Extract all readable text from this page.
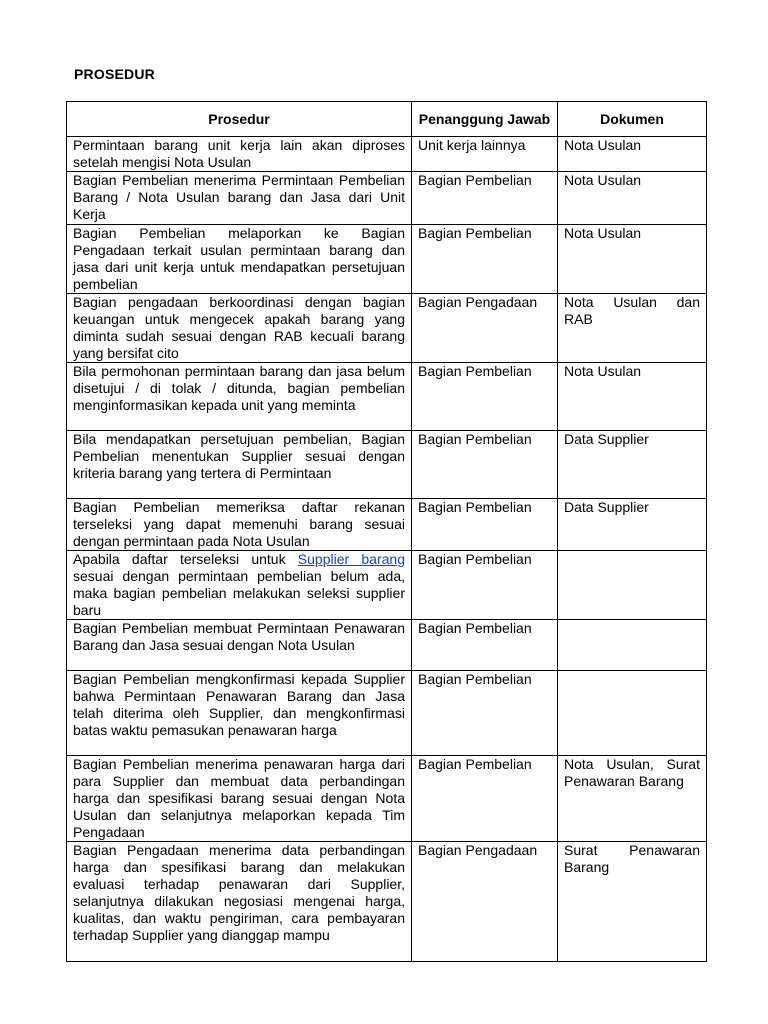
PROSEDUR
Prosedur	Penanggung Jawab	Dokumen
Permintaan barang unit kerja lain akan diproses setelah mengisi Nota Usulan	Unit kerja lainnya	Nota Usulan
Bagian Pembelian menerima Permintaan Pembelian Barang / Nota Usulan barang dan Jasa dari Unit Kerja	Bagian Pembelian	Nota Usulan
Bagian Pembelian melaporkan ke Bagian Pengadaan terkait usulan permintaan barang dan jasa dari unit kerja untuk mendapatkan persetujuan pembelian	Bagian Pembelian	Nota Usulan
Bagian pengadaan berkoordinasi dengan bagian keuangan untuk mengecek apakah barang yang diminta sudah sesuai dengan RAB kecuali barang yang bersifat cito	Bagian Pengadaan	Nota Usulan dan RAB
Bila permohonan permintaan barang dan jasa belum disetujui / di tolak / ditunda, bagian pembelian menginformasikan kepada unit yang meminta	Bagian Pembelian	Nota Usulan
Bila mendapatkan persetujuan pembelian, Bagian Pembelian menentukan Supplier sesuai dengan kriteria barang yang tertera di Permintaan	Bagian Pembelian	Data Supplier
Bagian Pembelian memeriksa daftar rekanan terseleksi yang dapat memenuhi barang sesuai dengan permintaan pada Nota Usulan	Bagian Pembelian	Data Supplier
Apabila daftar terseleksi untuk Supplier barang sesuai dengan permintaan pembelian belum ada, maka bagian pembelian melakukan seleksi supplier baru	Bagian Pembelian	
Bagian Pembelian membuat Permintaan Penawaran Barang dan Jasa sesuai dengan Nota Usulan	Bagian Pembelian	
Bagian Pembelian mengkonfirmasi kepada Supplier bahwa Permintaan Penawaran Barang dan Jasa telah diterima oleh Supplier, dan mengkonfirmasi batas waktu pemasukan penawaran harga	Bagian Pembelian	
Bagian Pembelian menerima penawaran harga dari para Supplier dan membuat data perbandingan harga dan spesifikasi barang sesuai dengan Nota Usulan dan selanjutnya melaporkan kepada Tim Pengadaan	Bagian Pembelian	Nota Usulan, Surat Penawaran Barang
Bagian Pengadaan menerima data perbandingan harga dan spesifikasi barang dan melakukan evaluasi terhadap penawaran dari Supplier, selanjutnya dilakukan negosiasi mengenai harga, kualitas, dan waktu pengiriman, cara pembayaran terhadap Supplier yang dianggap mampu	Bagian Pengadaan	Surat Penawaran Barang
